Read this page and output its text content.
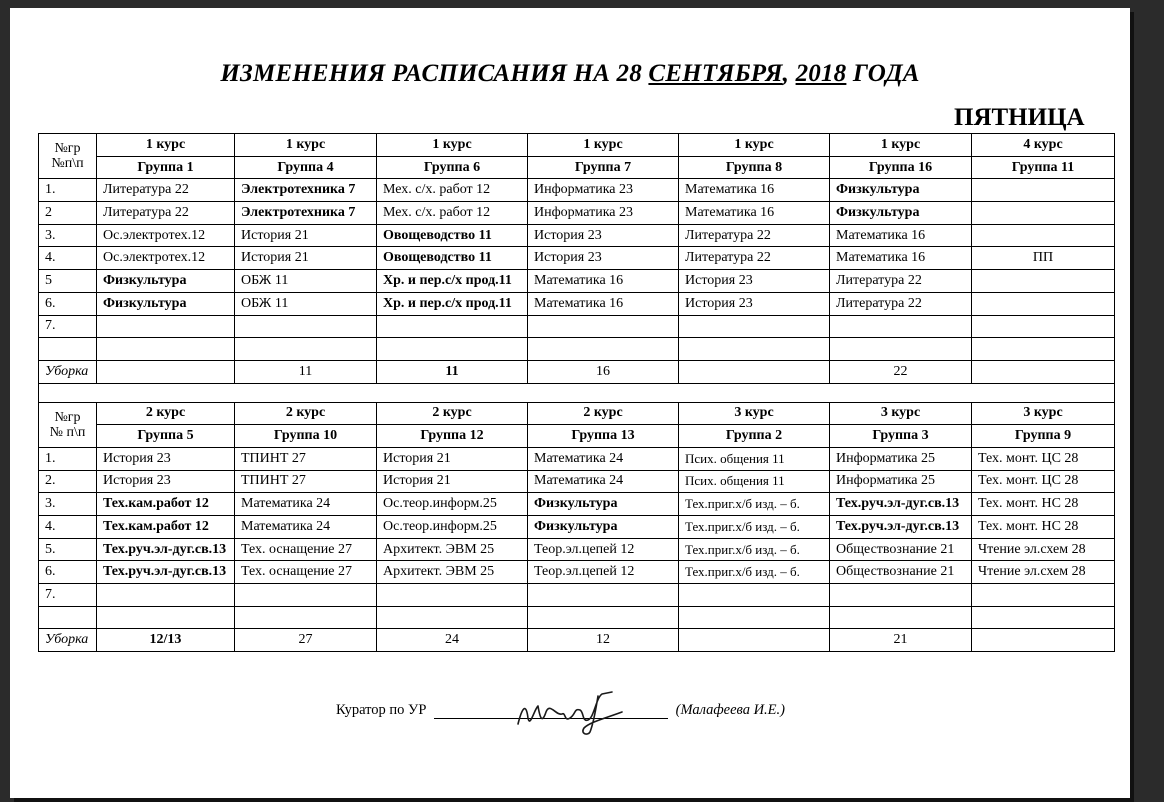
ИЗМЕНЕНИЯ РАСПИСАНИЯ НА 28 СЕНТЯБРЯ, 2018 ГОДА
ПЯТНИЦА
№гр
№п\п	1 курс	1 курс	1 курс	1 курс	1 курс	1 курс	4 курс
	Группа 1	Группа 4	Группа 6	Группа 7	Группа 8	Группа 16	Группа 11
1.	Литература 22	Электротехника 7	Мех. с/х. работ 12	Информатика 23	Математика 16	Физкультура	
2	Литература 22	Электротехника 7	Мех. с/х. работ 12	Информатика 23	Математика 16	Физкультура	
3.	Ос.электротех.12	История 21	Овощеводство 11	История 23	Литература 22	Математика 16	
4.	Ос.электротех.12	История 21	Овощеводство 11	История 23	Литература 22	Математика 16	ПП
5	Физкультура	ОБЖ 11	Хр. и пер.с/х прод.11	Математика 16	История 23	Литература 22	
6.	Физкультура	ОБЖ 11	Хр. и пер.с/х прод.11	Математика 16	История 23	Литература 22	
7.							

Уборка		11	11	16		22	

№гр
№ п\п	2 курс	2 курс	2 курс	2 курс	3 курс	3 курс	3 курс
	Группа 5	Группа 10	Группа 12	Группа 13	Группа 2	Группа 3	Группа 9
1.	История 23	ТПИНТ 27	История 21	Математика 24	Псих. общения 11	Информатика 25	Тех. монт. ЦС 28
2.	История 23	ТПИНТ 27	История 21	Математика 24	Псих. общения 11	Информатика 25	Тех. монт. ЦС 28
3.	Тех.кам.работ 12	Математика 24	Ос.теор.информ.25	Физкультура	Тех.приг.х/б изд. – б.	Тех.руч.эл-дуг.св.13	Тех. монт. НС 28
4.	Тех.кам.работ 12	Математика 24	Ос.теор.информ.25	Физкультура	Тех.приг.х/б изд. – б.	Тех.руч.эл-дуг.св.13	Тех. монт. НС 28
5.	Тех.руч.эл-дуг.св.13	Тех. оснащение 27	Архитект. ЭВМ 25	Теор.эл.цепей 12	Тех.приг.х/б изд. – б.	Обществознание 21	Чтение эл.схем 28
6.	Тех.руч.эл-дуг.св.13	Тех. оснащение 27	Архитект. ЭВМ 25	Теор.эл.цепей 12	Тех.приг.х/б изд. – б.	Обществознание 21	Чтение эл.схем 28
7.							

Уборка	12/13	27	24	12		21	
Куратор по УР	(Малафеева И.Е.)
